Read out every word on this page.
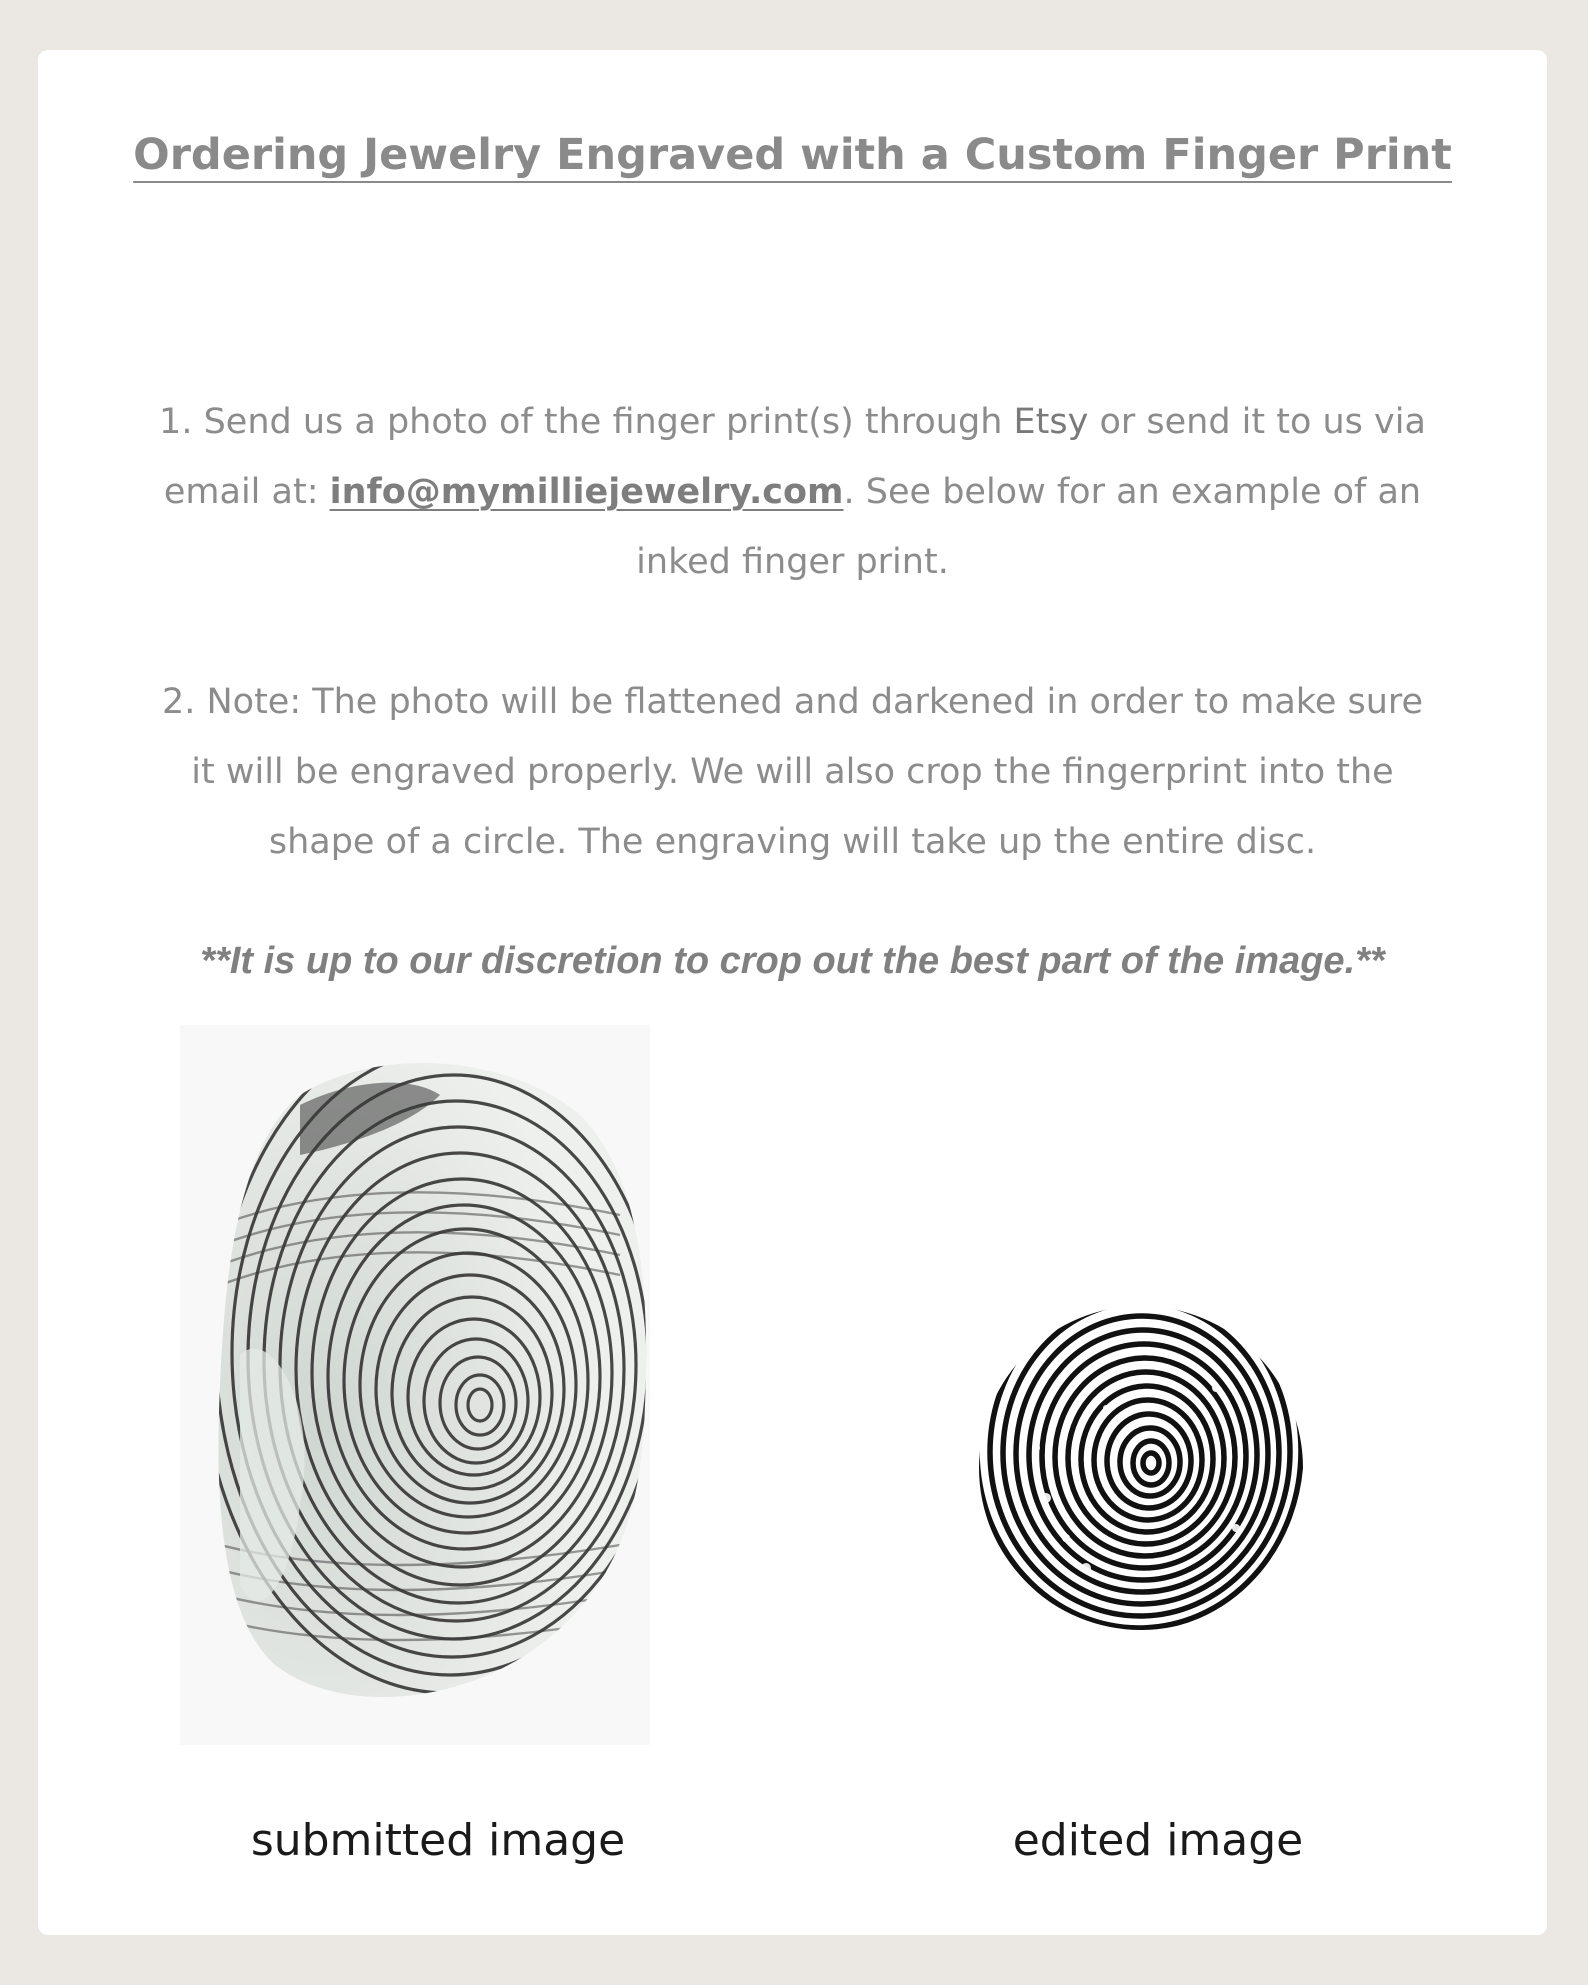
Ordering Jewelry Engraved with a Custom Finger Print
1. Send us a photo of the finger print(s) through Etsy or send it to us via email at: info@mymilliejewelry.com. See below for an example of an inked finger print.
2. Note: The photo will be flattened and darkened in order to make sure it will be engraved properly. We will also crop the fingerprint into the shape of a circle. The engraving will take up the entire disc.
**It is up to our discretion to crop out the best part of the image.**
submitted image	edited image
